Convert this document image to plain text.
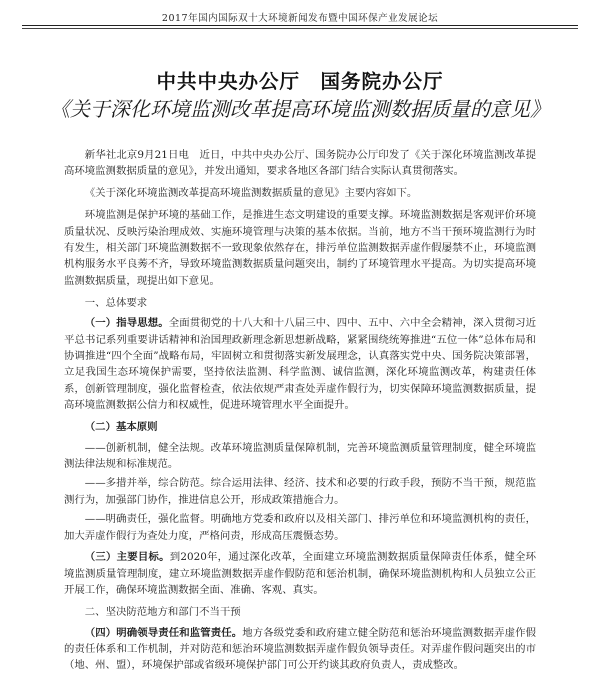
2017年国内国际双十大环境新闻发布暨中国环保产业发展论坛
中共中央办公厅　国务院办公厅
《关于深化环境监测改革提高环境监测数据质量的意见》

新华社北京9月21日电　近日，中共中央办公厅、国务院办公厅印发了《关于深化环境监测改革提高环境监测数据质量的意见》，并发出通知，要求各地区各部门结合实际认真贯彻落实。

《关于深化环境监测改革提高环境监测数据质量的意见》主要内容如下。

环境监测是保护环境的基础工作，是推进生态文明建设的重要支撑。环境监测数据是客观评价环境质量状况、反映污染治理成效、实施环境管理与决策的基本依据。当前，地方不当干预环境监测行为时有发生，相关部门环境监测数据不一致现象依然存在，排污单位监测数据弄虚作假屡禁不止，环境监测机构服务水平良莠不齐，导致环境监测数据质量问题突出，制约了环境管理水平提高。为切实提高环境监测数据质量，现提出如下意见。

一、总体要求

（一）指导思想。全面贯彻党的十八大和十八届三中、四中、五中、六中全会精神，深入贯彻习近平总书记系列重要讲话精神和治国理政新理念新思想新战略，紧紧围绕统筹推进“五位一体”总体布局和协调推进“四个全面”战略布局，牢固树立和贯彻落实新发展理念，认真落实党中央、国务院决策部署，立足我国生态环境保护需要，坚持依法监测、科学监测、诚信监测，深化环境监测改革，构建责任体系，创新管理制度，强化监督检查，依法依规严肃查处弄虚作假行为，切实保障环境监测数据质量，提高环境监测数据公信力和权威性，促进环境管理水平全面提升。

（二）基本原则

——创新机制，健全法规。改革环境监测质量保障机制，完善环境监测质量管理制度，健全环境监测法律法规和标准规范。

——多措并举，综合防范。综合运用法律、经济、技术和必要的行政手段，预防不当干预，规范监测行为，加强部门协作，推进信息公开，形成政策措施合力。

——明确责任，强化监督。明确地方党委和政府以及相关部门、排污单位和环境监测机构的责任，加大弄虚作假行为查处力度，严格问责，形成高压震慑态势。

（三）主要目标。到2020年，通过深化改革，全面建立环境监测数据质量保障责任体系，健全环境监测质量管理制度，建立环境监测数据弄虚作假防范和惩治机制，确保环境监测机构和人员独立公正开展工作，确保环境监测数据全面、准确、客观、真实。

二、坚决防范地方和部门不当干预

（四）明确领导责任和监管责任。地方各级党委和政府建立健全防范和惩治环境监测数据弄虚作假的责任体系和工作机制，并对防范和惩治环境监测数据弄虚作假负领导责任。对弄虚作假问题突出的市（地、州、盟），环境保护部或省级环境保护部门可公开约谈其政府负责人，责成整改。
